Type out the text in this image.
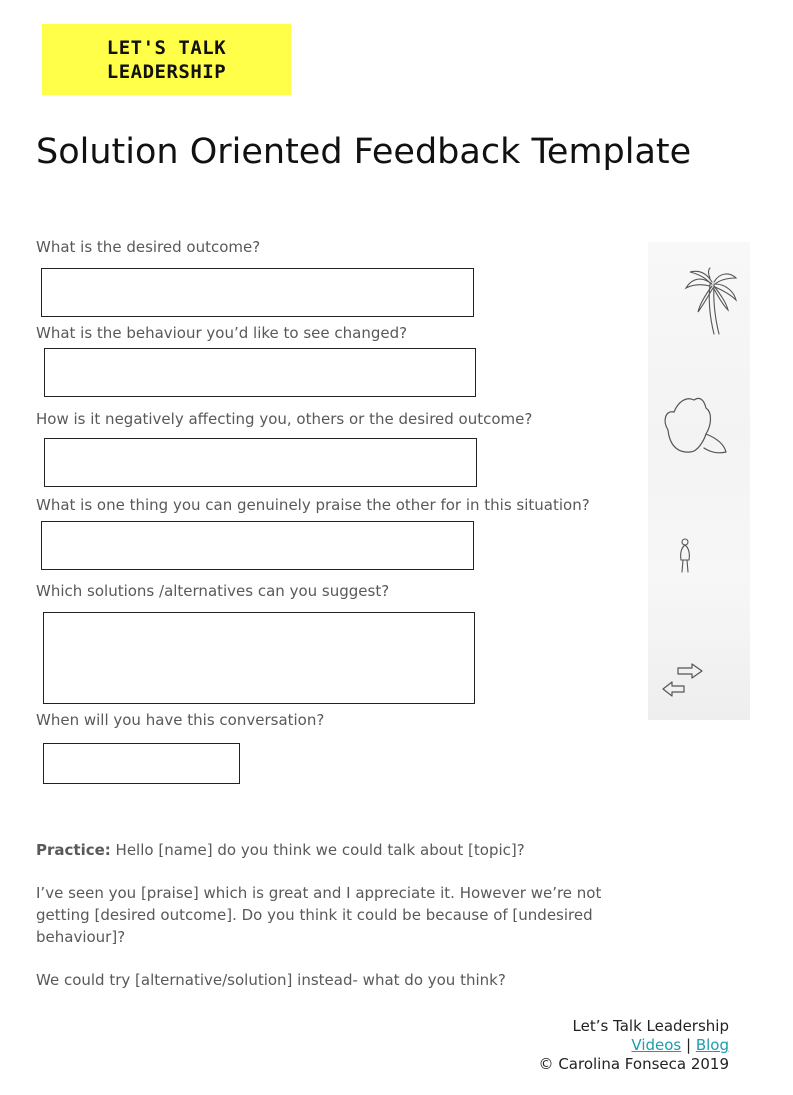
LET'S TALK
LEADERSHIP
Solution Oriented Feedback Template

What is the desired outcome?

What is the behaviour you’d like to see changed?

How is it negatively affecting you, others or the desired outcome?

What is one thing you can genuinely praise the other for in this situation?

Which solutions /alternatives can you suggest?

When will you have this conversation?

Practice: Hello [name] do you think we could talk about [topic]?

I’ve seen you [praise] which is great and I appreciate it. However we’re not getting [desired outcome]. Do you think it could be because of [undesired behaviour]?

We could try [alternative/solution] instead- what do you think?

Let’s Talk Leadership
Videos | Blog
© Carolina Fonseca 2019
